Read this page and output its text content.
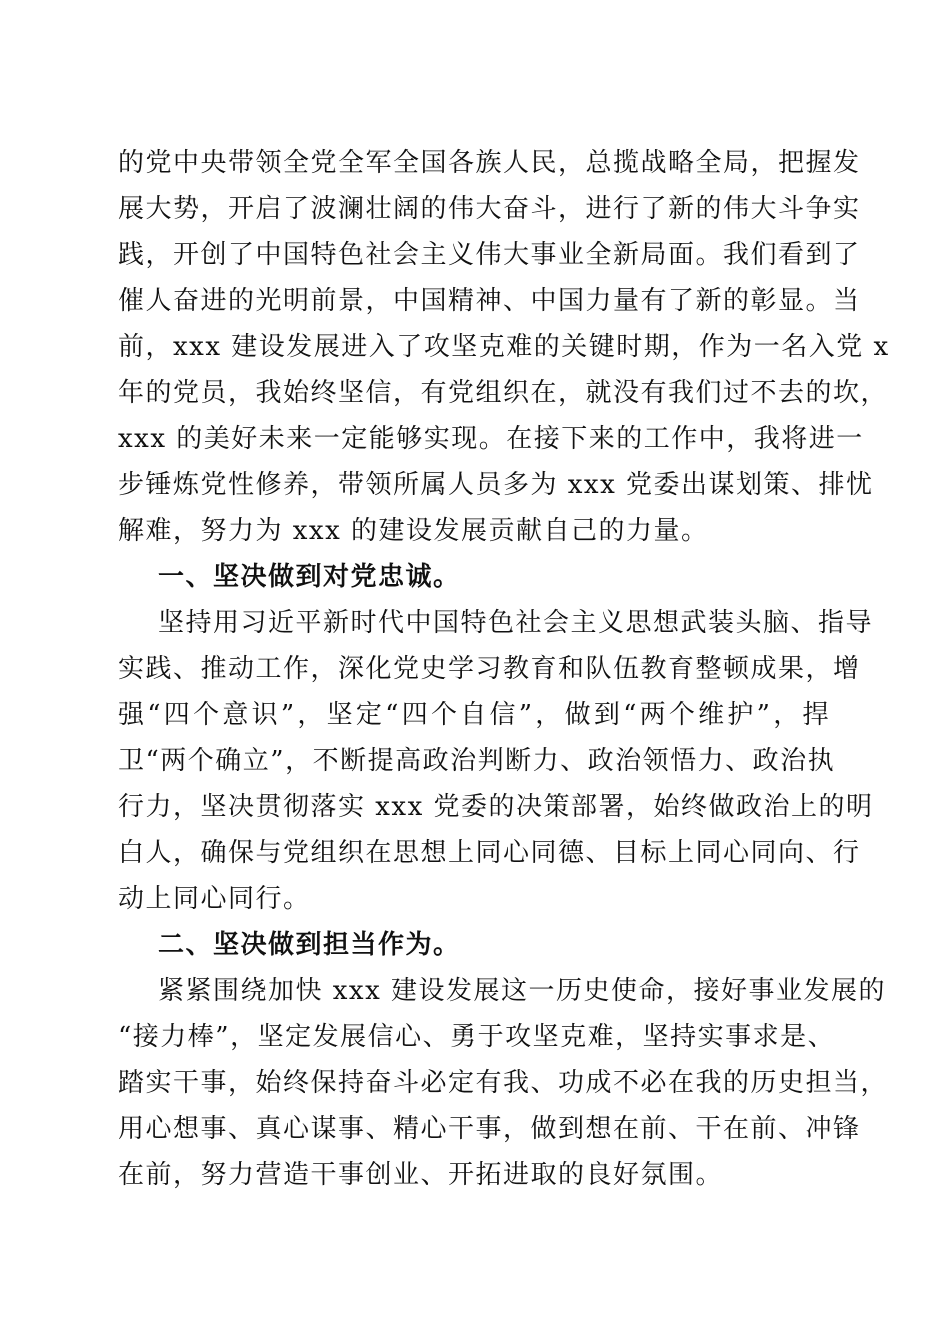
的党中央带领全党全军全国各族人民，总揽战略全局，把握发
展大势，开启了波澜壮阔的伟大奋斗，进行了新的伟大斗争实
践，开创了中国特色社会主义伟大事业全新局面。我们看到了
催人奋进的光明前景，中国精神、中国力量有了新的彰显。当
前，xxx 建设发展进入了攻坚克难的关键时期，作为一名入党 x
年的党员，我始终坚信，有党组织在，就没有我们过不去的坎，
xxx 的美好未来一定能够实现。在接下来的工作中，我将进一
步锤炼党性修养，带领所属人员多为 xxx 党委出谋划策、排忧
解难，努力为 xxx 的建设发展贡献自己的力量。
一、坚决做到对党忠诚。
坚持用习近平新时代中国特色社会主义思想武装头脑、指导
实践、推动工作，深化党史学习教育和队伍教育整顿成果，增
强“四个意识”，坚定“四个自信”，做到“两个维护”，捍
卫“两个确立”，不断提高政治判断力、政治领悟力、政治执
行力，坚决贯彻落实 xxx 党委的决策部署，始终做政治上的明
白人，确保与党组织在思想上同心同德、目标上同心同向、行
动上同心同行。
二、坚决做到担当作为。
紧紧围绕加快 xxx 建设发展这一历史使命，接好事业发展的
“接力棒”，坚定发展信心、勇于攻坚克难，坚持实事求是、
踏实干事，始终保持奋斗必定有我、功成不必在我的历史担当，
用心想事、真心谋事、精心干事，做到想在前、干在前、冲锋
在前，努力营造干事创业、开拓进取的良好氛围。
